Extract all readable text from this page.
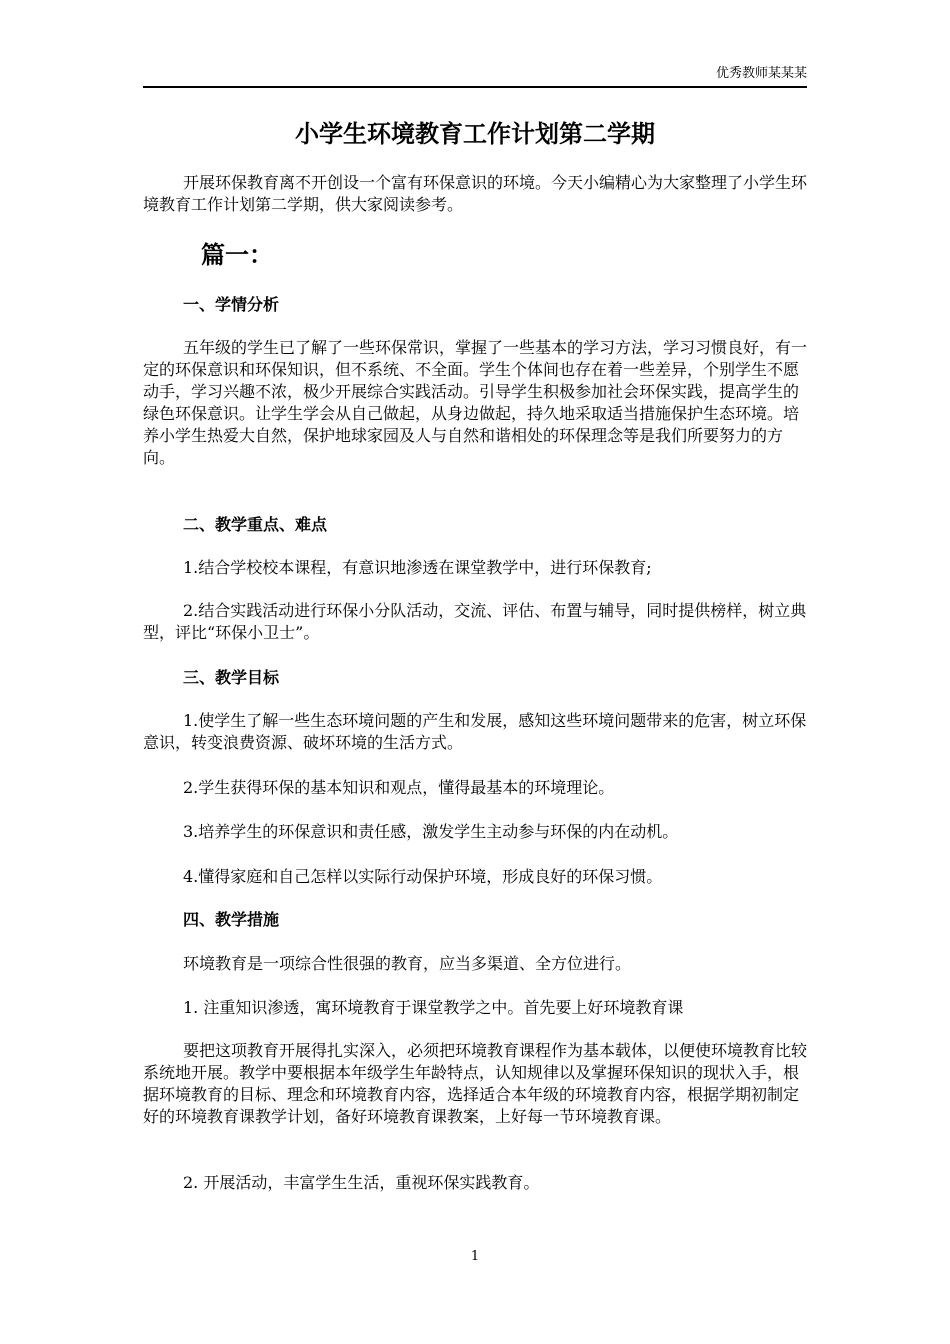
优秀教师某某某
小学生环境教育工作计划第二学期
开展环保教育离不开创设一个富有环保意识的环境。今天小编精心为大家整理了小学生环境教育工作计划第二学期，供大家阅读参考。
篇一：
一、学情分析
五年级的学生已了解了一些环保常识，掌握了一些基本的学习方法，学习习惯良好，有一定的环保意识和环保知识，但不系统、不全面。学生个体间也存在着一些差异，个别学生不愿动手，学习兴趣不浓，极少开展综合实践活动。引导学生积极参加社会环保实践，提高学生的绿色环保意识。让学生学会从自己做起，从身边做起，持久地采取适当措施保护生态环境。培养小学生热爱大自然，保护地球家园及人与自然和谐相处的环保理念等是我们所要努力的方向。
二、教学重点、难点
1.结合学校校本课程，有意识地渗透在课堂教学中，进行环保教育;
2.结合实践活动进行环保小分队活动，交流、评估、布置与辅导，同时提供榜样，树立典型，评比“环保小卫士”。
三、教学目标
1.使学生了解一些生态环境问题的产生和发展，感知这些环境问题带来的危害，树立环保意识，转变浪费资源、破坏环境的生活方式。
2.学生获得环保的基本知识和观点，懂得最基本的环境理论。
3.培养学生的环保意识和责任感，激发学生主动参与环保的内在动机。
4.懂得家庭和自己怎样以实际行动保护环境，形成良好的环保习惯。
四、教学措施
环境教育是一项综合性很强的教育，应当多渠道、全方位进行。
1. 注重知识渗透，寓环境教育于课堂教学之中。首先要上好环境教育课
要把这项教育开展得扎实深入，必须把环境教育课程作为基本载体，以便使环境教育比较系统地开展。教学中要根据本年级学生年龄特点，认知规律以及掌握环保知识的现状入手，根据环境教育的目标、理念和环境教育内容，选择适合本年级的环境教育内容，根据学期初制定好的环境教育课教学计划，备好环境教育课教案，上好每一节环境教育课。
2. 开展活动，丰富学生生活，重视环保实践教育。
1
